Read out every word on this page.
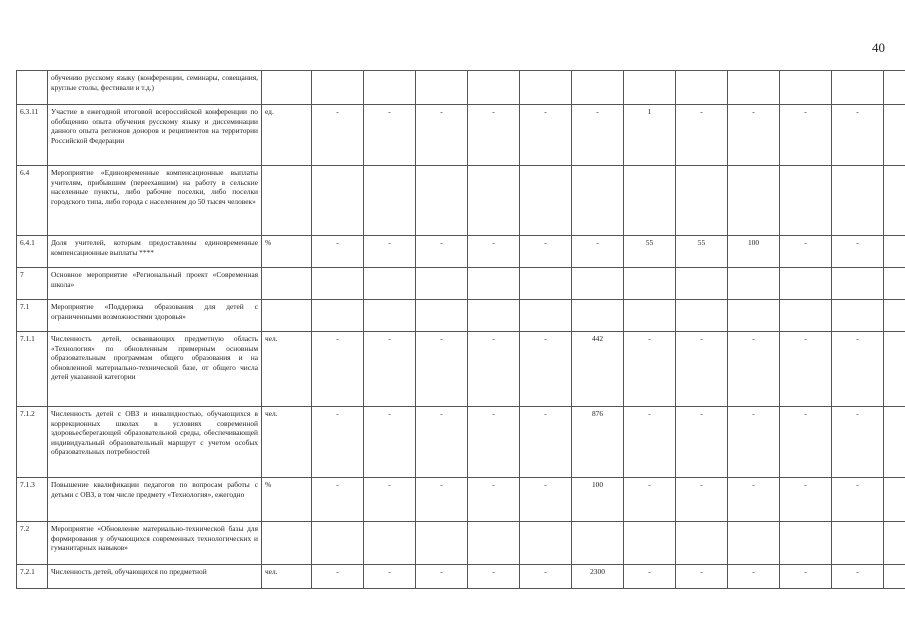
40
	обучению русскому языку (конференции, семинары, совещания, круглые столы, фестивали и т.д.)													
6.3.11	Участие в ежегодной итоговой всероссийской конференции по обобщению опыта обучения русскому языку и диссеминации данного опыта регионов доноров и реципиентов на территории Российской Федерации	ед.	-	-	-	-	-	-	1	-	-	-	-	
6.4	Мероприятие «Единовременные компенсационные выплаты учителям, прибывшим (переехавшим) на работу в сельские населенные пункты, либо рабочие поселки, либо поселки городского типа, либо города с населением до 50 тысяч человек»													
6.4.1	Доля учителей, которым предоставлены единовременные компенсационные выплаты ****	%	-	-	-	-	-	-	55	55	100	-	-	
7	Основное мероприятие «Региональный проект «Современная школа»													
7.1	Мероприятие «Поддержка образования для детей с ограниченными возможностями здоровья»													
7.1.1	Численность детей, осваивающих предметную область «Технология» по обновленным примерным основным образовательным программам общего образования и на обновленной материально-технической базе, от общего числа детей указанной категории	чел.	-	-	-	-	-	442	-	-	-	-	-	
7.1.2	Численность детей с ОВЗ и инвалидностью, обучающихся в коррекционных школах в условиях современной здоровьесберегающей образовательной среды, обеспечивающей индивидуальный образовательный маршрут с учетом особых образовательных потребностей	чел.	-	-	-	-	-	876	-	-	-	-	-	
7.1.3	Повышение квалификации педагогов по вопросам работы с детьми с ОВЗ, в том числе предмету «Технология», ежегодно	%	-	-	-	-	-	100	-	-	-	-	-	
7.2	Мероприятие «Обновление материально-технической базы для формирования у обучающихся современных технологических и гуманитарных навыков»													
7.2.1	Численность детей, обучающихся по предметной	чел.	-	-	-	-	-	2300	-	-	-	-	-	
